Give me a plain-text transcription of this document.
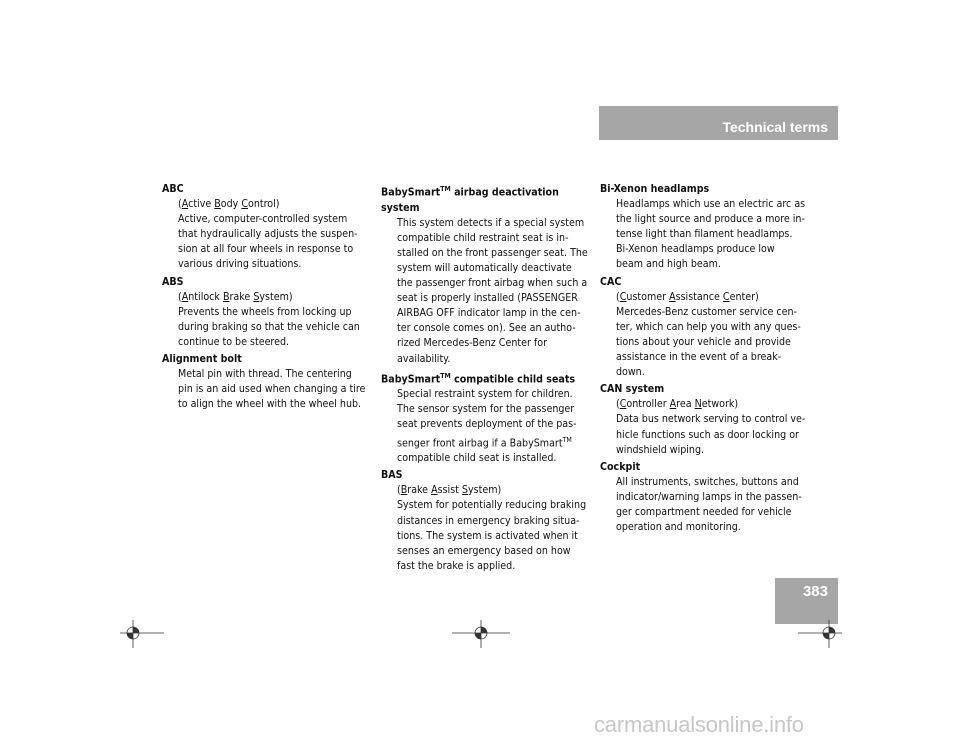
Technical terms
ABC
(Active Body Control)
Active, computer-controlled system
that hydraulically adjusts the suspen-
sion at all four wheels in response to
various driving situations.
ABS
(Antilock Brake System)
Prevents the wheels from locking up
during braking so that the vehicle can
continue to be steered.
Alignment bolt
Metal pin with thread. The centering
pin is an aid used when changing a tire
to align the wheel with the wheel hub.
BabySmart™ airbag deactivation
system
This system detects if a special system
compatible child restraint seat is in-
stalled on the front passenger seat. The
system will automatically deactivate
the passenger front airbag when such a
seat is properly installed (PASSENGER
AIRBAG OFF indicator lamp in the cen-
ter console comes on). See an autho-
rized Mercedes-Benz Center for
availability.
BabySmart™ compatible child seats
Special restraint system for children.
The sensor system for the passenger
seat prevents deployment of the pas-
senger front airbag if a BabySmart™
compatible child seat is installed.
BAS
(Brake Assist System)
System for potentially reducing braking
distances in emergency braking situa-
tions. The system is activated when it
senses an emergency based on how
fast the brake is applied.
Bi-Xenon headlamps
Headlamps which use an electric arc as
the light source and produce a more in-
tense light than filament headlamps.
Bi-Xenon headlamps produce low
beam and high beam.
CAC
(Customer Assistance Center)
Mercedes-Benz customer service cen-
ter, which can help you with any ques-
tions about your vehicle and provide
assistance in the event of a break-
down.
CAN system
(Controller Area Network)
Data bus network serving to control ve-
hicle functions such as door locking or
windshield wiping.
Cockpit
All instruments, switches, buttons and
indicator/warning lamps in the passen-
ger compartment needed for vehicle
operation and monitoring.
383
carmanualsonline.info
